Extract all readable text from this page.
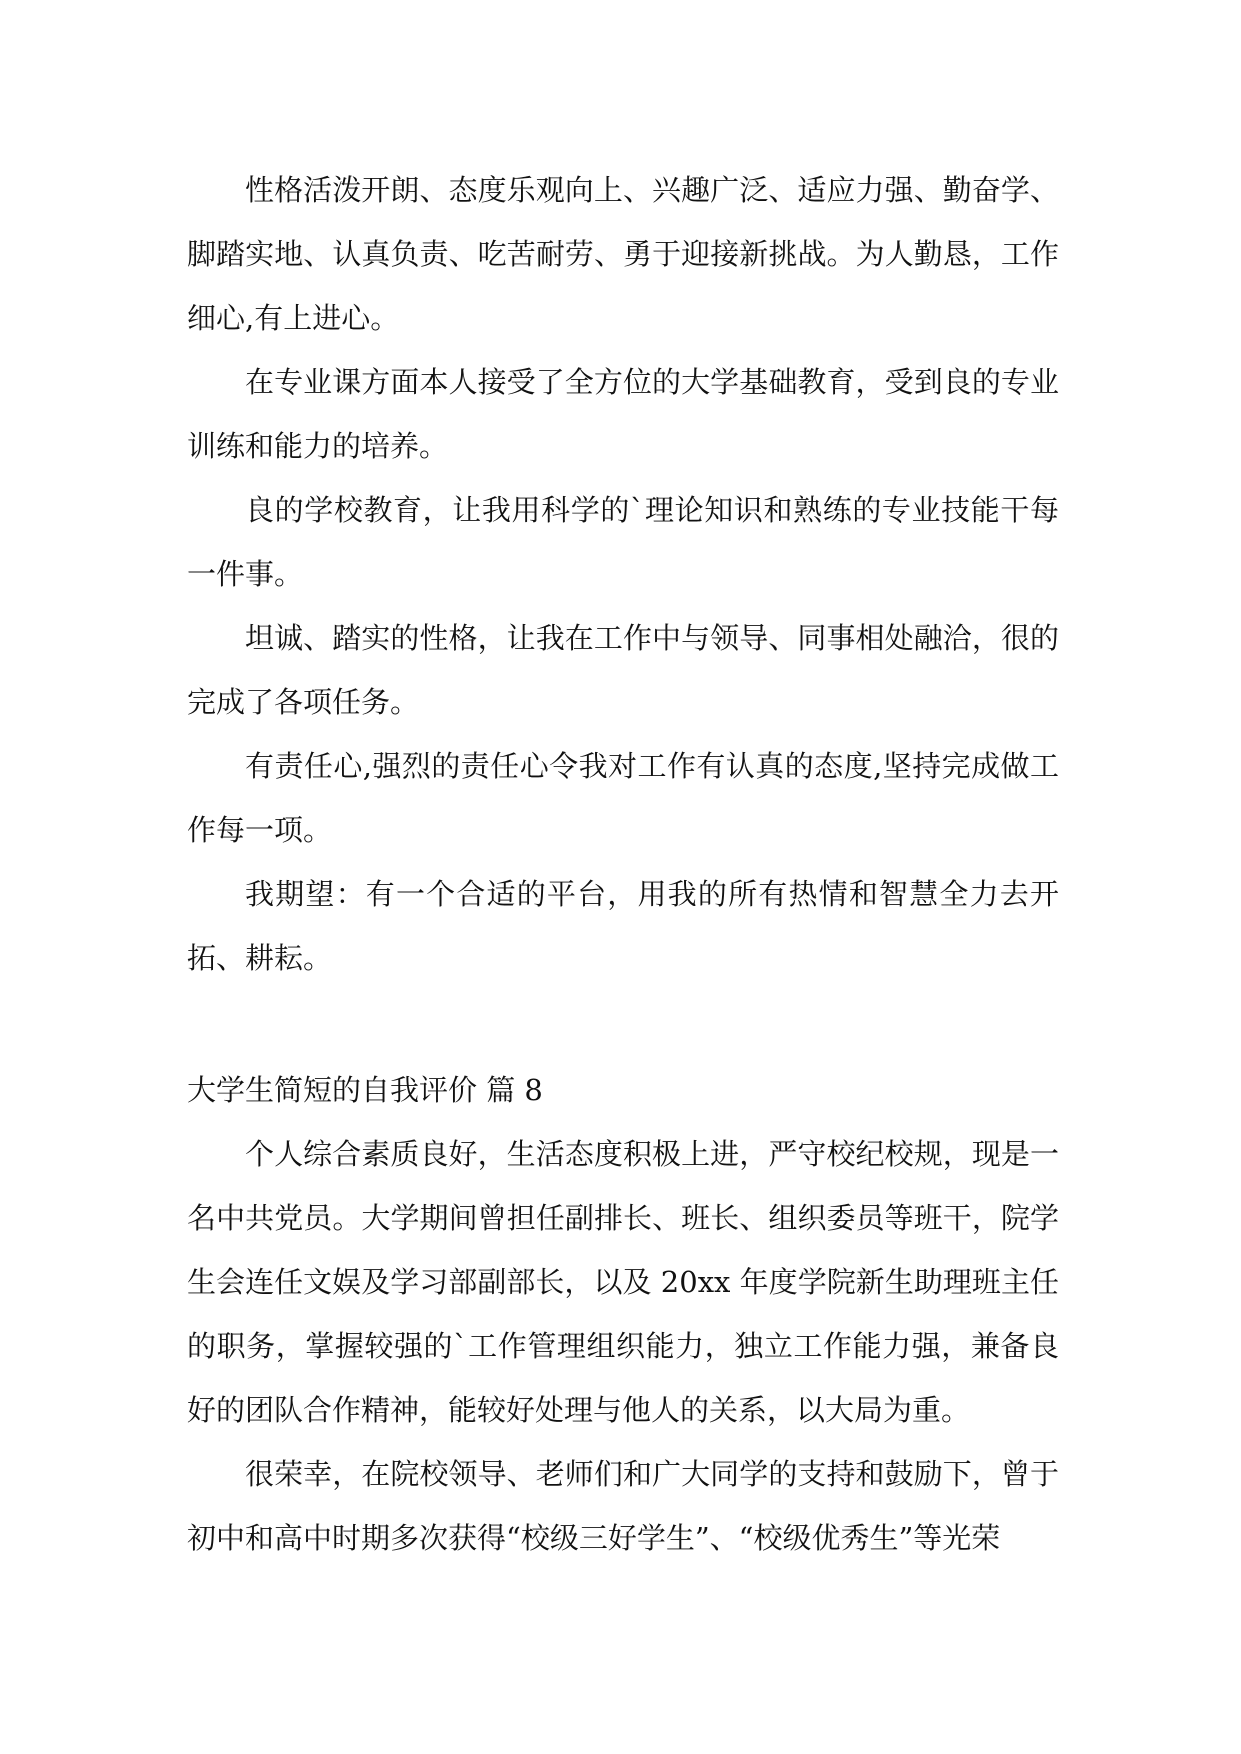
性格活泼开朗、态度乐观向上、兴趣广泛、适应力强、勤奋学、脚踏实地、认真负责、吃苦耐劳、勇于迎接新挑战。为人勤恳，工作细心,有上进心。

在专业课方面本人接受了全方位的大学基础教育，受到良的专业训练和能力的培养。

良的学校教育，让我用科学的`理论知识和熟练的专业技能干每一件事。

坦诚、踏实的性格，让我在工作中与领导、同事相处融洽，很的完成了各项任务。

有责任心,强烈的责任心令我对工作有认真的态度,坚持完成做工作每一项。

我期望：有一个合适的平台，用我的所有热情和智慧全力去开拓、耕耘。

大学生简短的自我评价 篇 8

个人综合素质良好，生活态度积极上进，严守校纪校规，现是一名中共党员。大学期间曾担任副排长、班长、组织委员等班干，院学生会连任文娱及学习部副部长，以及 20xx 年度学院新生助理班主任的职务，掌握较强的`工作管理组织能力，独立工作能力强，兼备良好的团队合作精神，能较好处理与他人的关系，以大局为重。

很荣幸，在院校领导、老师们和广大同学的支持和鼓励下，曾于初中和高中时期多次获得“校级三好学生”、“校级优秀生”等光荣
